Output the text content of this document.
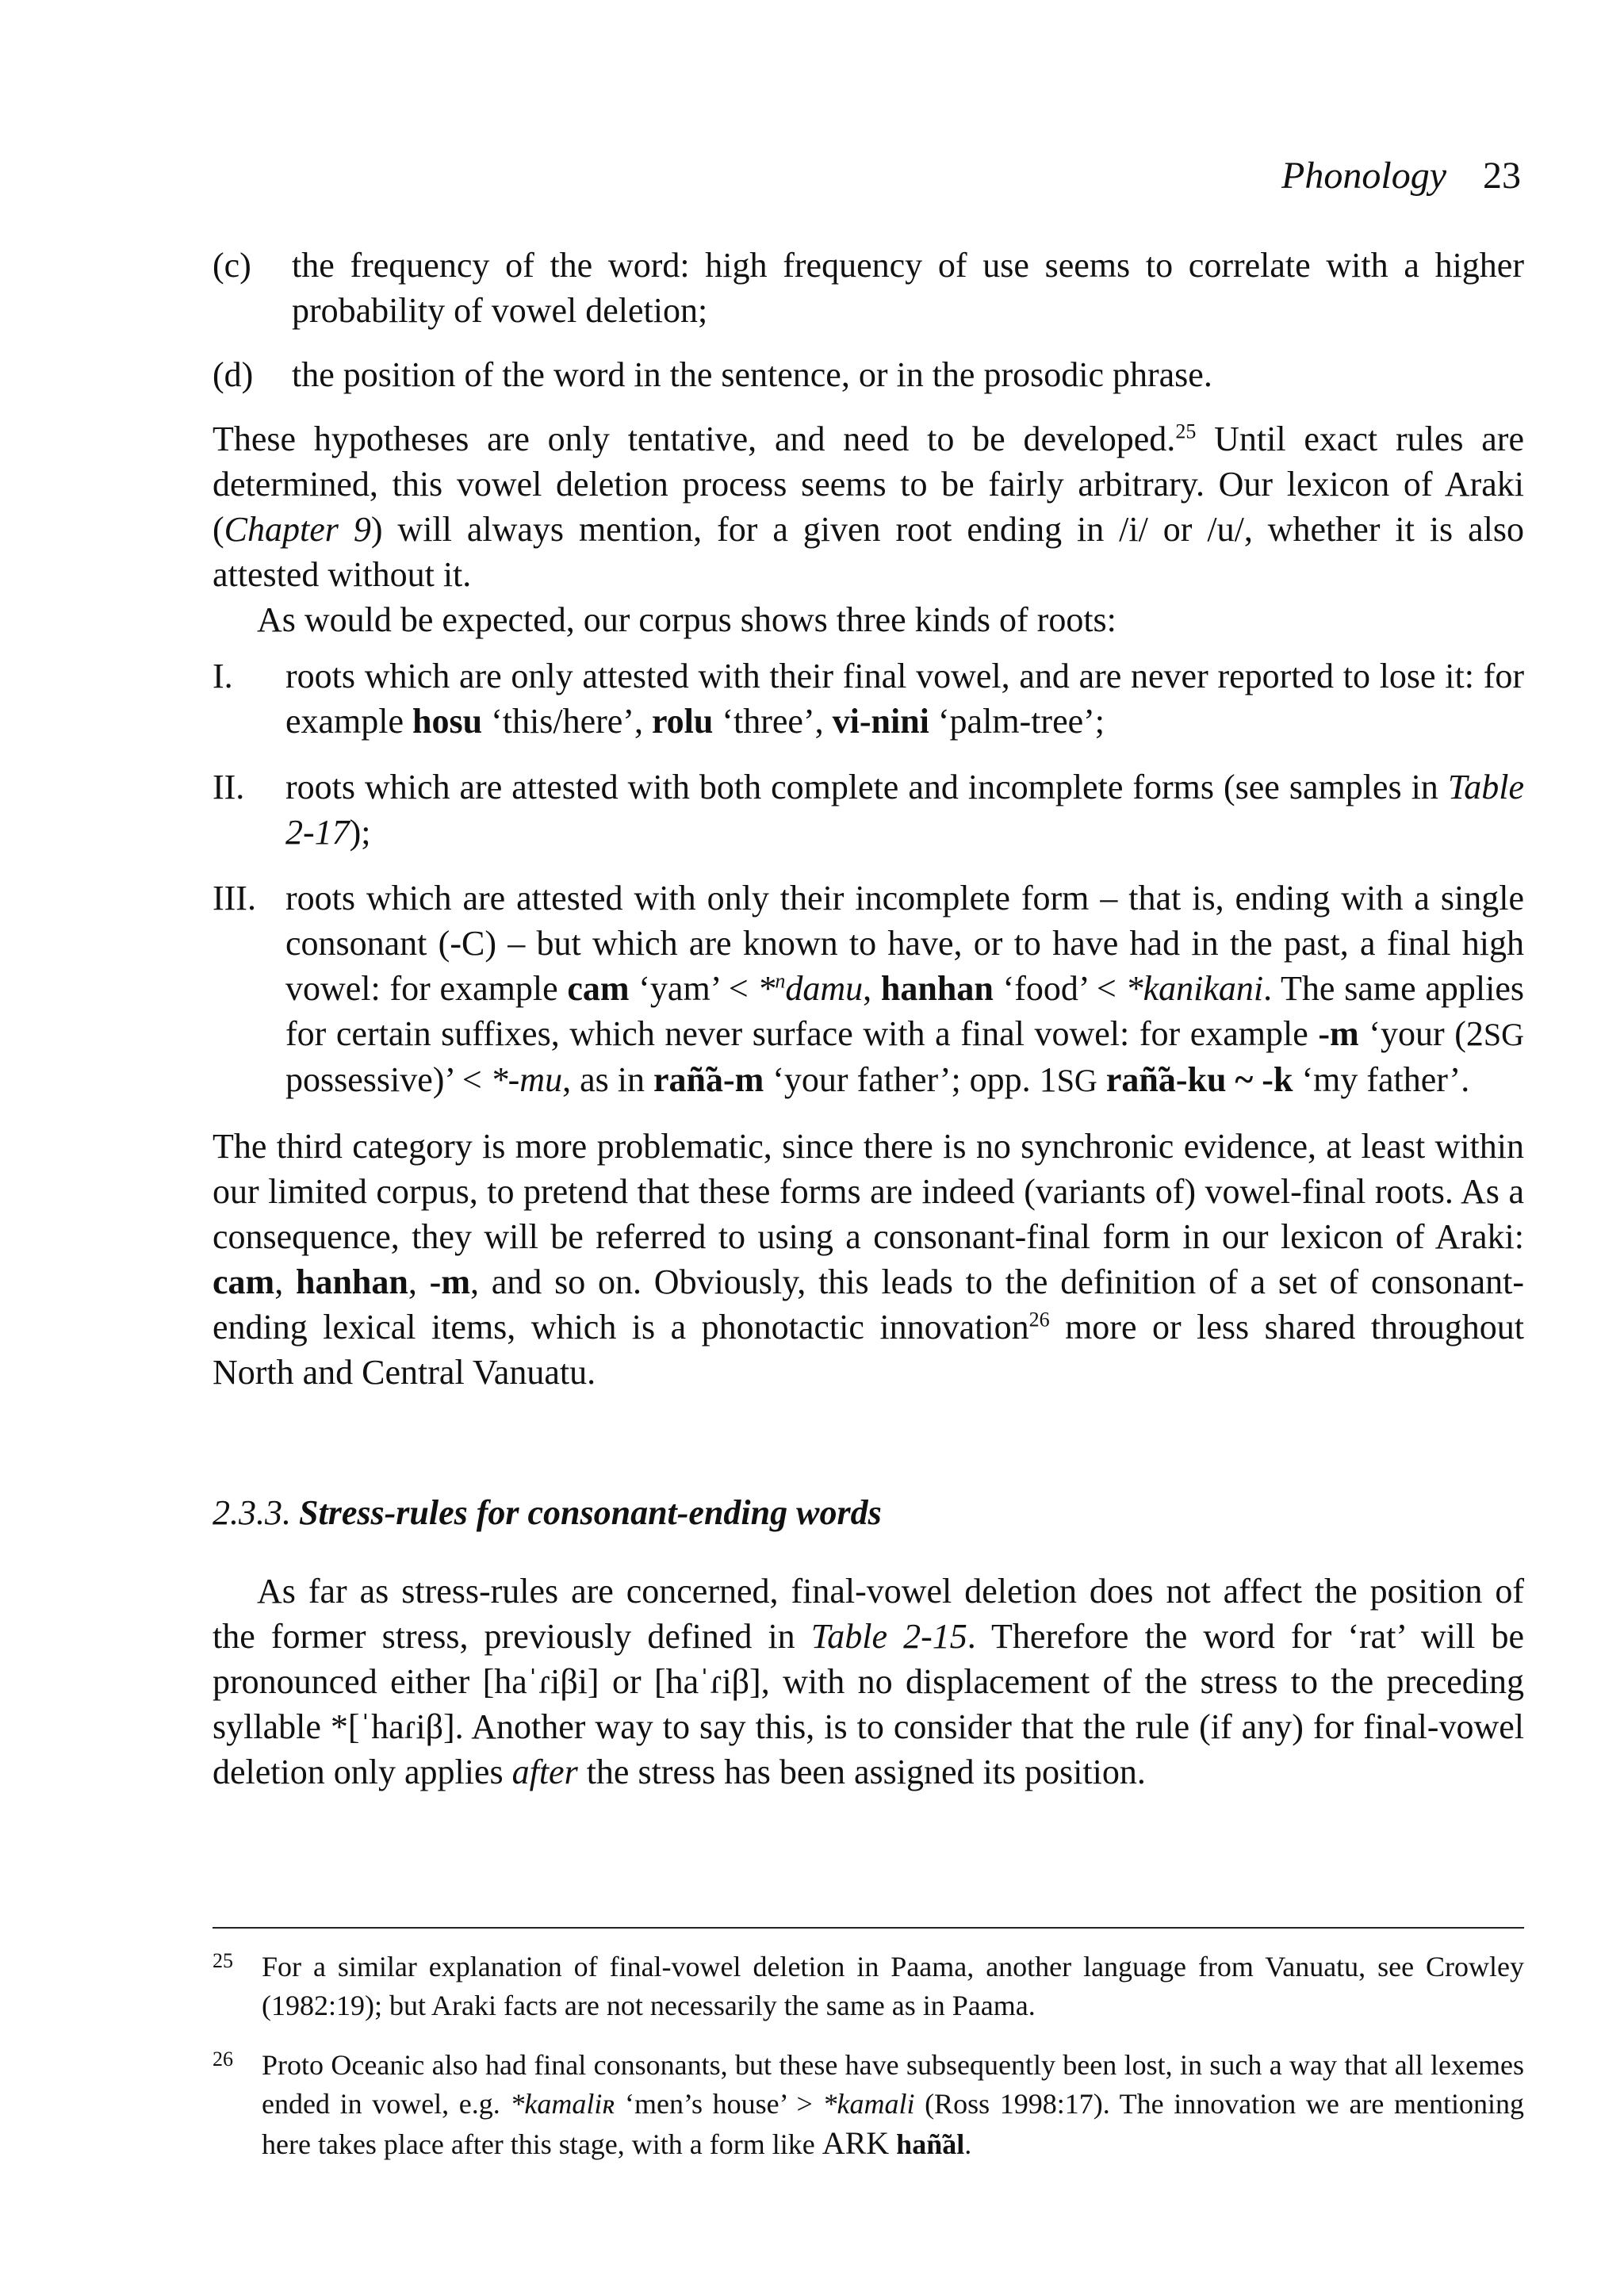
Phonology 23
(c)	the frequency of the word: high frequency of use seems to correlate with a higher probability of vowel deletion;
(d)	the position of the word in the sentence, or in the prosodic phrase.

These hypotheses are only tentative, and need to be developed.$^{25}$ Until exact rules are determined, this vowel deletion process seems to be fairly arbitrary. Our lexicon of Araki (Chapter 9) will always mention, for a given root ending in /i/ or /u/, whether it is also attested without it.

As would be expected, our corpus shows three kinds of roots:

I.	roots which are only attested with their final vowel, and are never reported to lose it: for example hosu ‘this/here’, rolu ‘three’, vi-nini ‘palm-tree’;
II.	roots which are attested with both complete and incomplete forms (see samples in Table 2-17);
III. roots which are attested with only their incomplete form – that is, ending with a single consonant (-C) – but which are known to have, or to have had in the past, a final high vowel: for example cam ‘yam’ < *$^n$damu, hanhan ‘food’ < *kanikani. The same applies for certain suffixes, which never surface with a final vowel: for example -m ‘your (2SG possessive)’ < *-mu, as in rañ̃a-m ‘your father’; opp. 1SG rañ̃a-ku ~ -k ‘my father’.

The third category is more problematic, since there is no synchronic evidence, at least within our limited corpus, to pretend that these forms are indeed (variants of) vowel-final roots. As a consequence, they will be referred to using a consonant-final form in our lexicon of Araki: cam, hanhan, -m, and so on. Obviously, this leads to the definition of a set of consonant-ending lexical items, which is a phonotactic innovation$^{26}$ more or less shared throughout North and Central Vanuatu.

2.3.3. Stress-rules for consonant-ending words

As far as stress-rules are concerned, final-vowel deletion does not affect the position of the former stress, previously defined in Table 2-15. Therefore the word for ‘rat’ will be pronounced either [haˈɾiβi] or [haˈɾiβ], with no displacement of the stress to the preceding syllable *[ˈhaɾiβ]. Another way to say this, is to consider that the rule (if any) for final-vowel deletion only applies after the stress has been assigned its position.

25	For a similar explanation of final-vowel deletion in Paama, another language from Vanuatu, see Crowley (1982:19); but Araki facts are not necessarily the same as in Paama.
26	Proto Oceanic also had final consonants, but these have subsequently been lost, in such a way that all lexemes ended in vowel, e.g. *kamaliʀ ‘men’s house’ > *kamali (Ross 1998:17). The innovation we are mentioning here takes place after this stage, with a form like ARK hañ̃al.
